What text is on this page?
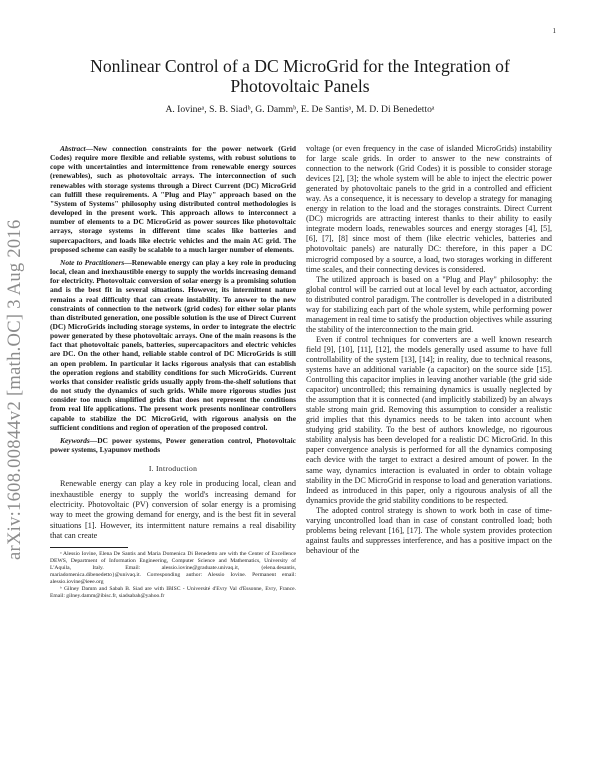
1
arXiv:1608.00844v2 [math.OC] 3 Aug 2016
Nonlinear Control of a DC MicroGrid for the Integration of Photovoltaic Panels
A. Iovineᵃ, S. B. Siadᵇ, G. Dammᵇ, E. De Santisᵃ, M. D. Di Benedettoᵃ

Abstract—New connection constraints for the power network (Grid Codes) require more flexible and reliable systems, with robust solutions to cope with uncertainties and intermittence from renewable energy sources (renewables), such as photovoltaic arrays. The interconnection of such renewables with storage systems through a Direct Current (DC) MicroGrid can fulfill these requirements. A "Plug and Play" approach based on the "System of Systems" philosophy using distributed control methodologies is developed in the present work. This approach allows to interconnect a number of elements to a DC MicroGrid as power sources like photovoltaic arrays, storage systems in different time scales like batteries and supercapacitors, and loads like electric vehicles and the main AC grid. The proposed scheme can easily be scalable to a much larger number of elements.

Note to Practitioners—Renewable energy can play a key role in producing local, clean and inexhaustible energy to supply the worlds increasing demand for electricity. Photovoltaic conversion of solar energy is a promising solution and is the best fit in several situations. However, its intermittent nature remains a real difficulty that can create instability. To answer to the new constraints of connection to the network (grid codes) for either solar plants than distributed generation, one possible solution is the use of Direct Current (DC) MicroGrids including storage systems, in order to integrate the electric power generated by these photovoltaic arrays. One of the main reasons is the fact that photovoltaic panels, batteries, supercapacitors and electric vehicles are DC. On the other hand, reliable stable control of DC MicroGrids is still an open problem. In particular it lacks rigorous analysis that can establish the operation regions and stability conditions for such MicroGrids. Current works that consider realistic grids usually apply from-the-shelf solutions that do not study the dynamics of such grids. While more rigorous studies just consider too much simplified grids that does not represent the conditions from real life applications. The present work presents nonlinear controllers capable to stabilize the DC MicroGrid, with rigorous analysis on the sufficient conditions and region of operation of the proposed control.

Keywords—DC power systems, Power generation control, Photovoltaic power systems, Lyapunov methods

I. Introduction

Renewable energy can play a key role in producing local, clean and inexhaustible energy to supply the world's increasing demand for electricity. Photovoltaic (PV) conversion of solar energy is a promising way to meet the growing demand for energy, and is the best fit in several situations [1]. However, its intermittent nature remains a real disability that can create

ᵃ Alessio Iovine, Elena De Santis and Maria Domenica Di Benedetto are with the Center of Excellence DEWS, Department of Information Engineering, Computer Science and Mathematics, University of L'Aquila, Italy. Email: alessio.iovine@graduate.univaq.it, {elena.desantis, mariadomenica.dibenedetto}@univaq.it. Corresponding author: Alessio Iovine. Permanent email: alessio.iovine@ieee.org

ᵇ Gilney Damm and Sabah B. Siad are with IBISC - Université d'Evry Val d'Essonne, Evry, France. Email: gilney.damm@ibisc.fr, siadsabah@yahoo.fr

voltage (or even frequency in the case of islanded MicroGrids) instability for large scale grids. In order to answer to the new constraints of connection to the network (Grid Codes) it is possible to consider storage devices [2], [3]; the whole system will be able to inject the electric power generated by photovoltaic panels to the grid in a controlled and efficient way. As a consequence, it is necessary to develop a strategy for managing energy in relation to the load and the storages constraints. Direct Current (DC) microgrids are attracting interest thanks to their ability to easily integrate modern loads, renewables sources and energy storages [4], [5], [6], [7], [8] since most of them (like electric vehicles, batteries and photovoltaic panels) are naturally DC: therefore, in this paper a DC microgrid composed by a source, a load, two storages working in different time scales, and their connecting devices is considered.

The utilized approach is based on a "Plug and Play" philosophy: the global control will be carried out at local level by each actuator, according to distributed control paradigm. The controller is developed in a distributed way for stabilizing each part of the whole system, while performing power management in real time to satisfy the production objectives while assuring the stability of the interconnection to the main grid.

Even if control techniques for converters are a well known research field [9], [10], [11], [12], the models generally used assume to have full controllability of the system [13], [14]; in reality, due to technical reasons, systems have an additional variable (a capacitor) on the source side [15]. Controlling this capacitor implies in leaving another variable (the grid side capacitor) uncontrolled; this remaining dynamics is usually neglected by the assumption that it is connected (and implicitly stabilized) by an always stable strong main grid. Removing this assumption to consider a realistic grid implies that this dynamics needs to be taken into account when studying grid stability. To the best of authors knowledge, no rigourous stability analysis has been developed for a realistic DC MicroGrid. In this paper convergence analysis is performed for all the dynamics composing each device with the target to extract a desired amount of power. In the same way, dynamics interaction is evaluated in order to obtain voltage stability in the DC MicroGrid in response to load and generation variations. Indeed as introduced in this paper, only a rigourous analysis of all the dynamics provide the grid stability conditions to be respected.

The adopted control strategy is shown to work both in case of time-varying uncontrolled load than in case of constant controlled load; both problems being relevant [16], [17]. The whole system provides protection against faults and suppresses interference, and has a positive impact on the behaviour of the
